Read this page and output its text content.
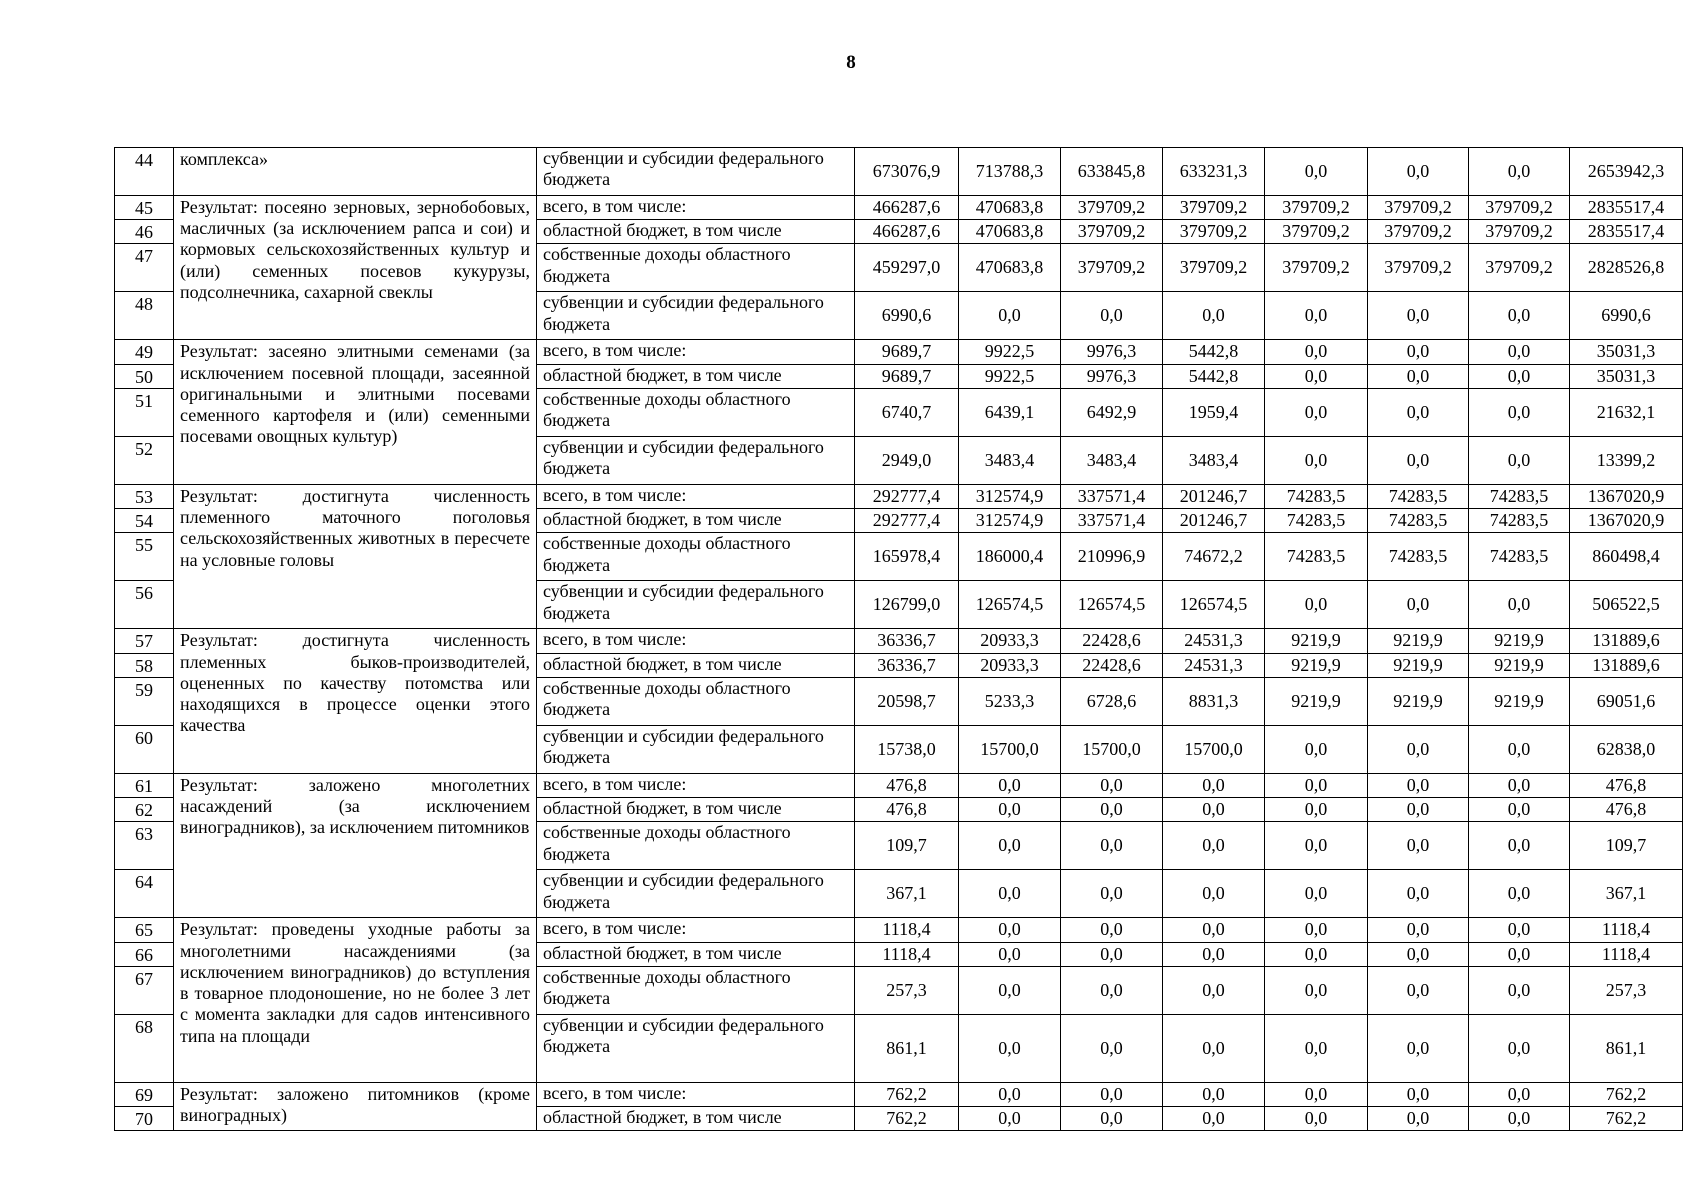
8
44	комплекса»	субвенции и субсидии федерального бюджета	673076,9	713788,3	633845,8	633231,3	0,0	0,0	0,0	2653942,3
45	Результат: посеяно зерновых, зернобобовых, масличных (за исключением рапса и сои) и кормовых сельскохозяйственных культур и (или) семенных посевов кукурузы, подсолнечника, сахарной свеклы	всего, в том числе:	466287,6	470683,8	379709,2	379709,2	379709,2	379709,2	379709,2	2835517,4
46		областной бюджет, в том числе	466287,6	470683,8	379709,2	379709,2	379709,2	379709,2	379709,2	2835517,4
47		собственные доходы областного бюджета	459297,0	470683,8	379709,2	379709,2	379709,2	379709,2	379709,2	2828526,8
48		субвенции и субсидии федерального бюджета	6990,6	0,0	0,0	0,0	0,0	0,0	0,0	6990,6
49	Результат: засеяно элитными семенами (за исключением посевной площади, засеянной оригинальными и элитными посевами семенного картофеля и (или) семенными посевами овощных культур)	всего, в том числе:	9689,7	9922,5	9976,3	5442,8	0,0	0,0	0,0	35031,3
50		областной бюджет, в том числе	9689,7	9922,5	9976,3	5442,8	0,0	0,0	0,0	35031,3
51		собственные доходы областного бюджета	6740,7	6439,1	6492,9	1959,4	0,0	0,0	0,0	21632,1
52		субвенции и субсидии федерального бюджета	2949,0	3483,4	3483,4	3483,4	0,0	0,0	0,0	13399,2
53	Результат: достигнута численность племенного маточного поголовья сельскохозяйственных животных в пересчете на условные головы	всего, в том числе:	292777,4	312574,9	337571,4	201246,7	74283,5	74283,5	74283,5	1367020,9
54		областной бюджет, в том числе	292777,4	312574,9	337571,4	201246,7	74283,5	74283,5	74283,5	1367020,9
55		собственные доходы областного бюджета	165978,4	186000,4	210996,9	74672,2	74283,5	74283,5	74283,5	860498,4
56		субвенции и субсидии федерального бюджета	126799,0	126574,5	126574,5	126574,5	0,0	0,0	0,0	506522,5
57	Результат: достигнута численность племенных быков-производителей, оцененных по качеству потомства или находящихся в процессе оценки этого качества	всего, в том числе:	36336,7	20933,3	22428,6	24531,3	9219,9	9219,9	9219,9	131889,6
58		областной бюджет, в том числе	36336,7	20933,3	22428,6	24531,3	9219,9	9219,9	9219,9	131889,6
59		собственные доходы областного бюджета	20598,7	5233,3	6728,6	8831,3	9219,9	9219,9	9219,9	69051,6
60		субвенции и субсидии федерального бюджета	15738,0	15700,0	15700,0	15700,0	0,0	0,0	0,0	62838,0
61	Результат: заложено многолетних насаждений (за исключением виноградников), за исключением питомников	всего, в том числе:	476,8	0,0	0,0	0,0	0,0	0,0	0,0	476,8
62		областной бюджет, в том числе	476,8	0,0	0,0	0,0	0,0	0,0	0,0	476,8
63		собственные доходы областного бюджета	109,7	0,0	0,0	0,0	0,0	0,0	0,0	109,7
64		субвенции и субсидии федерального бюджета	367,1	0,0	0,0	0,0	0,0	0,0	0,0	367,1
65	Результат: проведены уходные работы за многолетними насаждениями (за исключением виноградников) до вступления в товарное плодоношение, но не более 3 лет с момента закладки для садов интенсивного типа на площади	всего, в том числе:	1118,4	0,0	0,0	0,0	0,0	0,0	0,0	1118,4
66		областной бюджет, в том числе	1118,4	0,0	0,0	0,0	0,0	0,0	0,0	1118,4
67		собственные доходы областного бюджета	257,3	0,0	0,0	0,0	0,0	0,0	0,0	257,3
68		субвенции и субсидии федерального бюджета	861,1	0,0	0,0	0,0	0,0	0,0	0,0	861,1
69	Результат: заложено питомников (кроме виноградных)	всего, в том числе:	762,2	0,0	0,0	0,0	0,0	0,0	0,0	762,2
70		областной бюджет, в том числе	762,2	0,0	0,0	0,0	0,0	0,0	0,0	762,2
